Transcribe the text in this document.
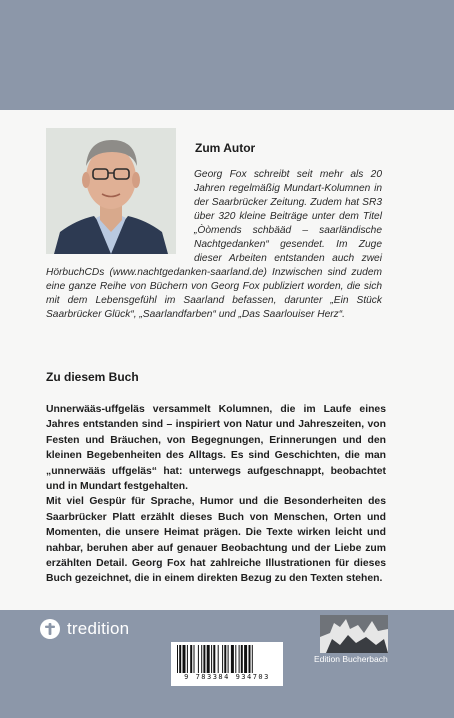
Zum Autor
Georg Fox schreibt seit mehr als 20 Jahren regelmäßig Mundart-Kolumnen in der Saarbrücker Zeitung. Zudem hat SR3 über 320 kleine Beiträge unter dem Titel „Òòmends schbääd – saarländische Nachtgedanken“ gesendet. Im Zuge dieser Arbeiten entstanden auch zwei HörbuchCDs (www.nachtgedanken-saarland.de) Inzwischen sind zudem eine ganze Reihe von Büchern von Georg Fox publiziert worden, die sich mit dem Lebensgefühl im Saarland befassen, darunter „Ein Stück Saarbrücker Glück“, „Saarlandfarben“ und „Das Saarlouiser Herz“.
Zu diesem Buch

Unnerwääs-uffgeläs versammelt Kolumnen, die im Laufe eines Jahres entstanden sind – inspiriert von Natur und Jahreszeiten, von Festen und Bräuchen, von Begegnungen, Erinnerungen und den kleinen Begebenheiten des Alltags. Es sind Geschichten, die man „unnerwääs uffgeläs“ hat: unterwegs aufgeschnappt, beobachtet und in Mundart festgehalten.

Mit viel Gespür für Sprache, Humor und die Besonderheiten des Saarbrücker Platt erzählt dieses Buch von Menschen, Orten und Momenten, die unsere Heimat prägen. Die Texte wirken leicht und nahbar, beruhen aber auf genauer Beobachtung und der Liebe zum erzählten Detail. Georg Fox hat zahlreiche Illustrationen für dieses Buch gezeichnet, die in einem direkten Bezug zu den Texten stehen.

tredition
9 783384 934703
Edition Bucherbach
